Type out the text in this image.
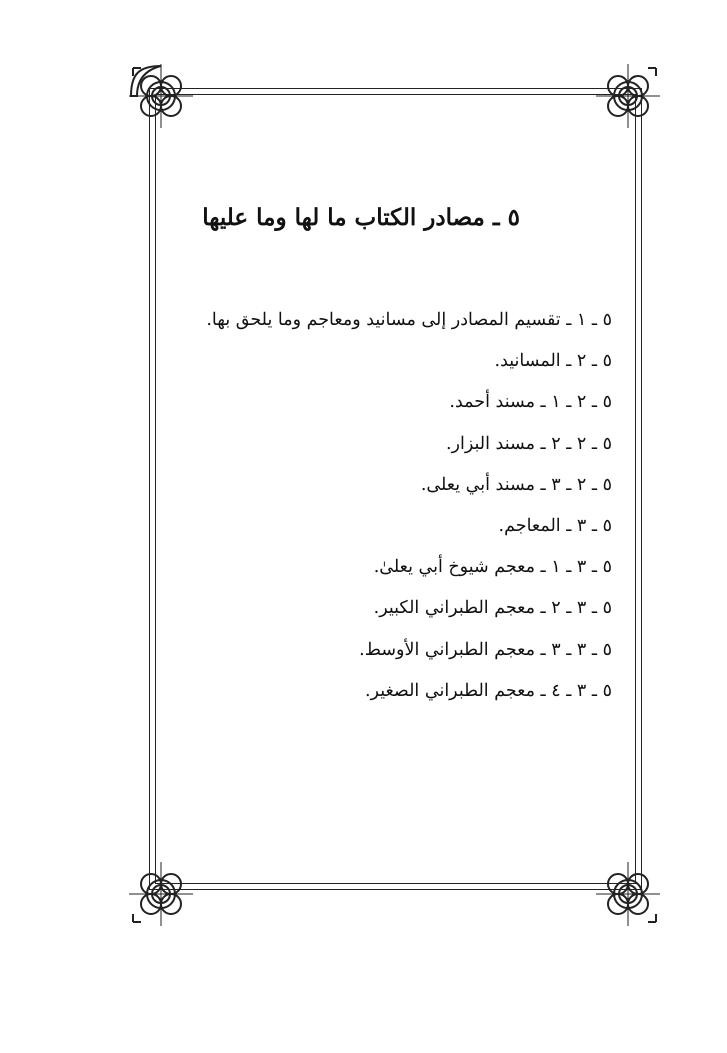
٥ ـ مصادر الكتاب ما لها وما عليها
٥ ـ ١ ـ تقسيم المصادر إلى مسانيد ومعاجم وما يلحق بها.
٥ ـ ٢ ـ المسانيد.
٥ ـ ٢ ـ ١ ـ مسند أحمد.
٥ ـ ٢ ـ ٢ ـ مسند البزار.
٥ ـ ٢ ـ ٣ ـ مسند أبي يعلى.
٥ ـ ٣ ـ المعاجم.
٥ ـ ٣ ـ ١ ـ معجم شيوخ أبي يعلىٰ.
٥ ـ ٣ ـ ٢ ـ معجم الطبراني الكبير.
٥ ـ ٣ ـ ٣ ـ معجم الطبراني الأوسط.
٥ ـ ٣ ـ ٤ ـ معجم الطبراني الصغير.
